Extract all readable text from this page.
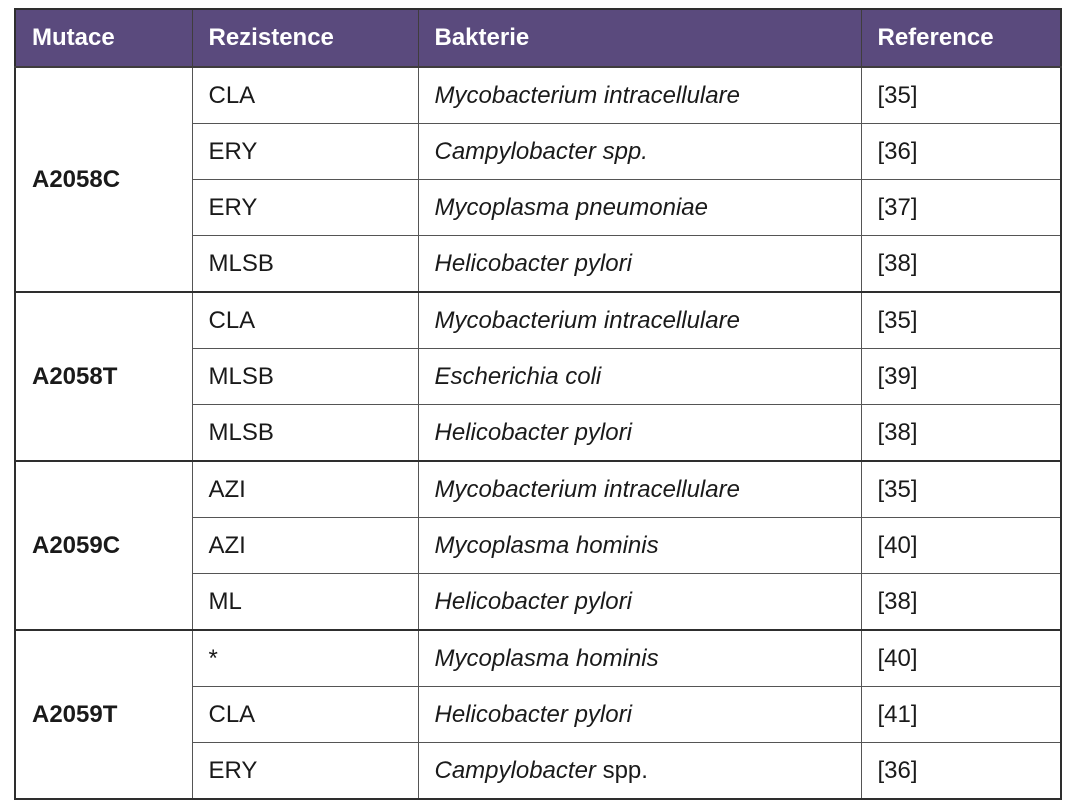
Mutace	Rezistence	Bakterie	Reference
A2058C	CLA	Mycobacterium intracellulare	[35]
	ERY	Campylobacter spp.	[36]
	ERY	Mycoplasma pneumoniae	[37]
	MLSB	Helicobacter pylori	[38]
A2058T	CLA	Mycobacterium intracellulare	[35]
	MLSB	Escherichia coli	[39]
	MLSB	Helicobacter pylori	[38]
A2059C	AZI	Mycobacterium intracellulare	[35]
	AZI	Mycoplasma hominis	[40]
	ML	Helicobacter pylori	[38]
A2059T	*	Mycoplasma hominis	[40]
	CLA	Helicobacter pylori	[41]
	ERY	Campylobacter spp.	[36]
